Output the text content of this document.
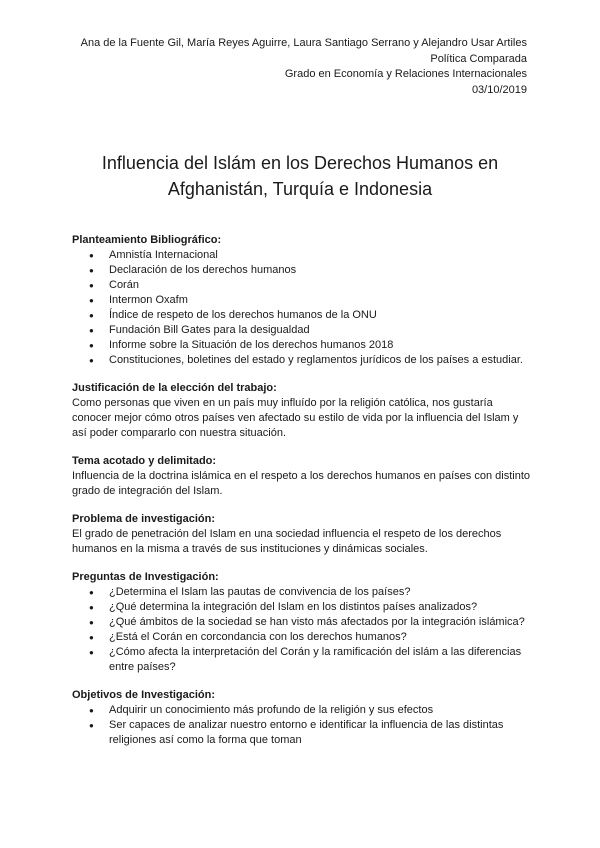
Ana de la Fuente Gil, María Reyes Aguirre, Laura Santiago Serrano y Alejandro Usar Artiles
Política Comparada
Grado en Economía y Relaciones Internacionales
03/10/2019
Influencia del Islám en los Derechos Humanos en
Afghanistán, Turquía e Indonesia

Planteamiento Bibliográfico:

● Amnistía Internacional
● Declaración de los derechos humanos
● Corán
● Intermon Oxafm
● Índice de respeto de los derechos humanos de la ONU
● Fundación Bill Gates para la desigualdad
● Informe sobre la Situación de los derechos humanos 2018
● Constituciones, boletines del estado y reglamentos jurídicos de los países a estudiar.

Justificación de la elección del trabajo:

Como personas que viven en un país muy influído por la religión católica, nos gustaría conocer mejor cómo otros países ven afectado su estilo de vida por la influencia del Islam y así poder compararlo con nuestra situación.

Tema acotado y delimitado:

Influencia de la doctrina islámica en el respeto a los derechos humanos en países con distinto grado de integración del Islam.

Problema de investigación:

El grado de penetración del Islam en una sociedad influencia el respeto de los derechos humanos en la misma a través de sus instituciones y dinámicas sociales.

Preguntas de Investigación:

● ¿Determina el Islam las pautas de convivencia de los países?
● ¿Qué determina la integración del Islam en los distintos países analizados?
● ¿Qué ámbitos de la sociedad se han visto más afectados por la integración islámica?
● ¿Está el Corán en corcondancia con los derechos humanos?
● ¿Cómo afecta la interpretación del Corán y la ramificación del islám a las diferencias entre países?

Objetivos de Investigación:

● Adquirir un conocimiento más profundo de la religión y sus efectos
● Ser capaces de analizar nuestro entorno e identificar la influencia de las distintas religiones así como la forma que toman
